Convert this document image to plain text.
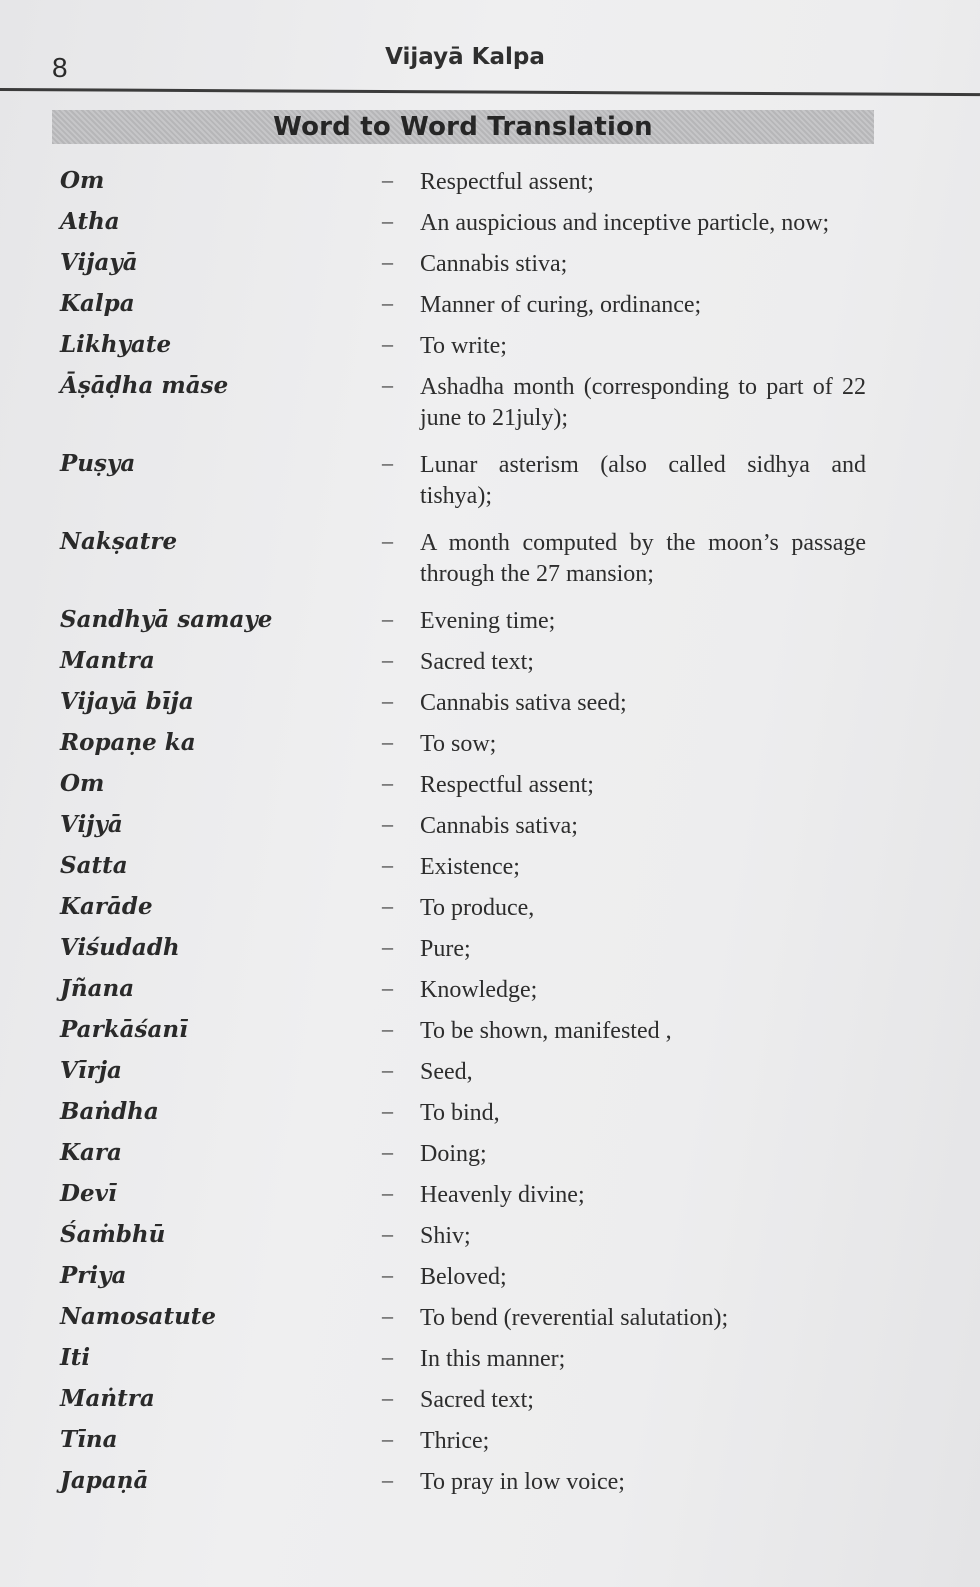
8	Vijayā Kalpa
Word to Word Translation
Om	– Respectful assent;
Atha	– An auspicious and inceptive particle, now;
Vijayā	– Cannabis stiva;
Kalpa	– Manner of curing, ordinance;
Likhyate	– To write;
Āṣāḍha māse	– Ashadha month (corresponding to part of 22 june to 21july);
Puṣya	– Lunar asterism (also called sidhya and tishya);
Nakṣatre	– A month computed by the moon’s passage through the 27 mansion;
Sandhyā samaye	– Evening time;
Mantra	– Sacred text;
Vijayā bīja	– Cannabis sativa seed;
Ropaṇe ka	– To sow;
Om	– Respectful assent;
Vijyā	– Cannabis sativa;
Satta	– Existence;
Karāde	– To produce,
Viśudadh	– Pure;
Jñana	– Knowledge;
Parkāśanī	– To be shown, manifested ,
Vīrja	– Seed,
Baṅdha	– To bind,
Kara	– Doing;
Devī	– Heavenly divine;
Śaṁbhū	– Shiv;
Priya	– Beloved;
Namosatute	– To bend (reverential salutation);
Iti	– In this manner;
Maṅtra	– Sacred text;
Tīna	– Thrice;
Japaṇā	– To pray in low voice;
